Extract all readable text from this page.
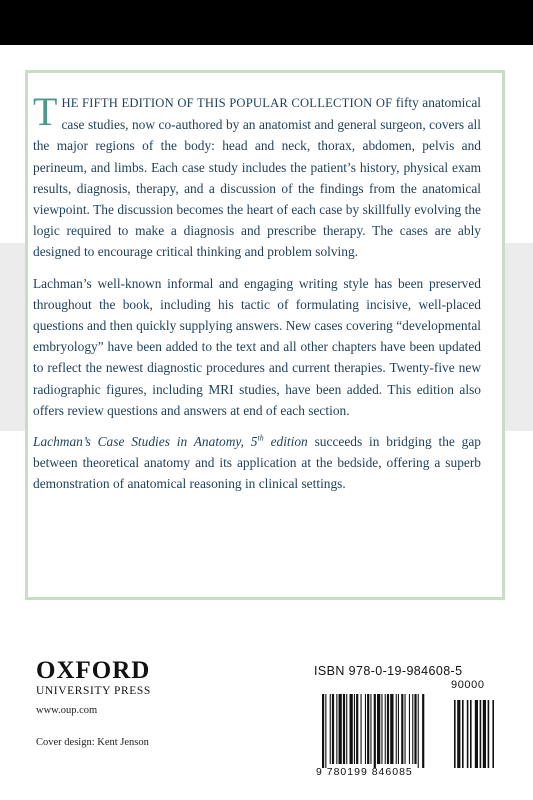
THE FIFTH EDITION OF THIS POPULAR COLLECTION OF fifty anatomical case studies, now co-authored by an anatomist and general surgeon, covers all the major regions of the body: head and neck, thorax, abdomen, pelvis and perineum, and limbs. Each case study includes the patient’s history, physical exam results, diagnosis, therapy, and a discussion of the findings from the anatomical viewpoint. The discussion becomes the heart of each case by skillfully evolving the logic required to make a diagnosis and prescribe therapy. The cases are ably designed to encourage critical thinking and problem solving.

Lachman’s well-known informal and engaging writing style has been preserved throughout the book, including his tactic of formulating incisive, well-placed questions and then quickly supplying answers. New cases covering “developmental embryology” have been added to the text and all other chapters have been updated to reflect the newest diagnostic procedures and current therapies. Twenty-five new radiographic figures, including MRI studies, have been added. This edition also offers review questions and answers at end of each section.

Lachman’s Case Studies in Anatomy, 5th edition succeeds in bridging the gap between theoretical anatomy and its application at the bedside, offering a superb demonstration of anatomical reasoning in clinical settings.

OXFORD
UNIVERSITY PRESS
www.oup.com
Cover design: Kent Jenson
ISBN 978-0-19-984608-5
90000
9 780199 846085
